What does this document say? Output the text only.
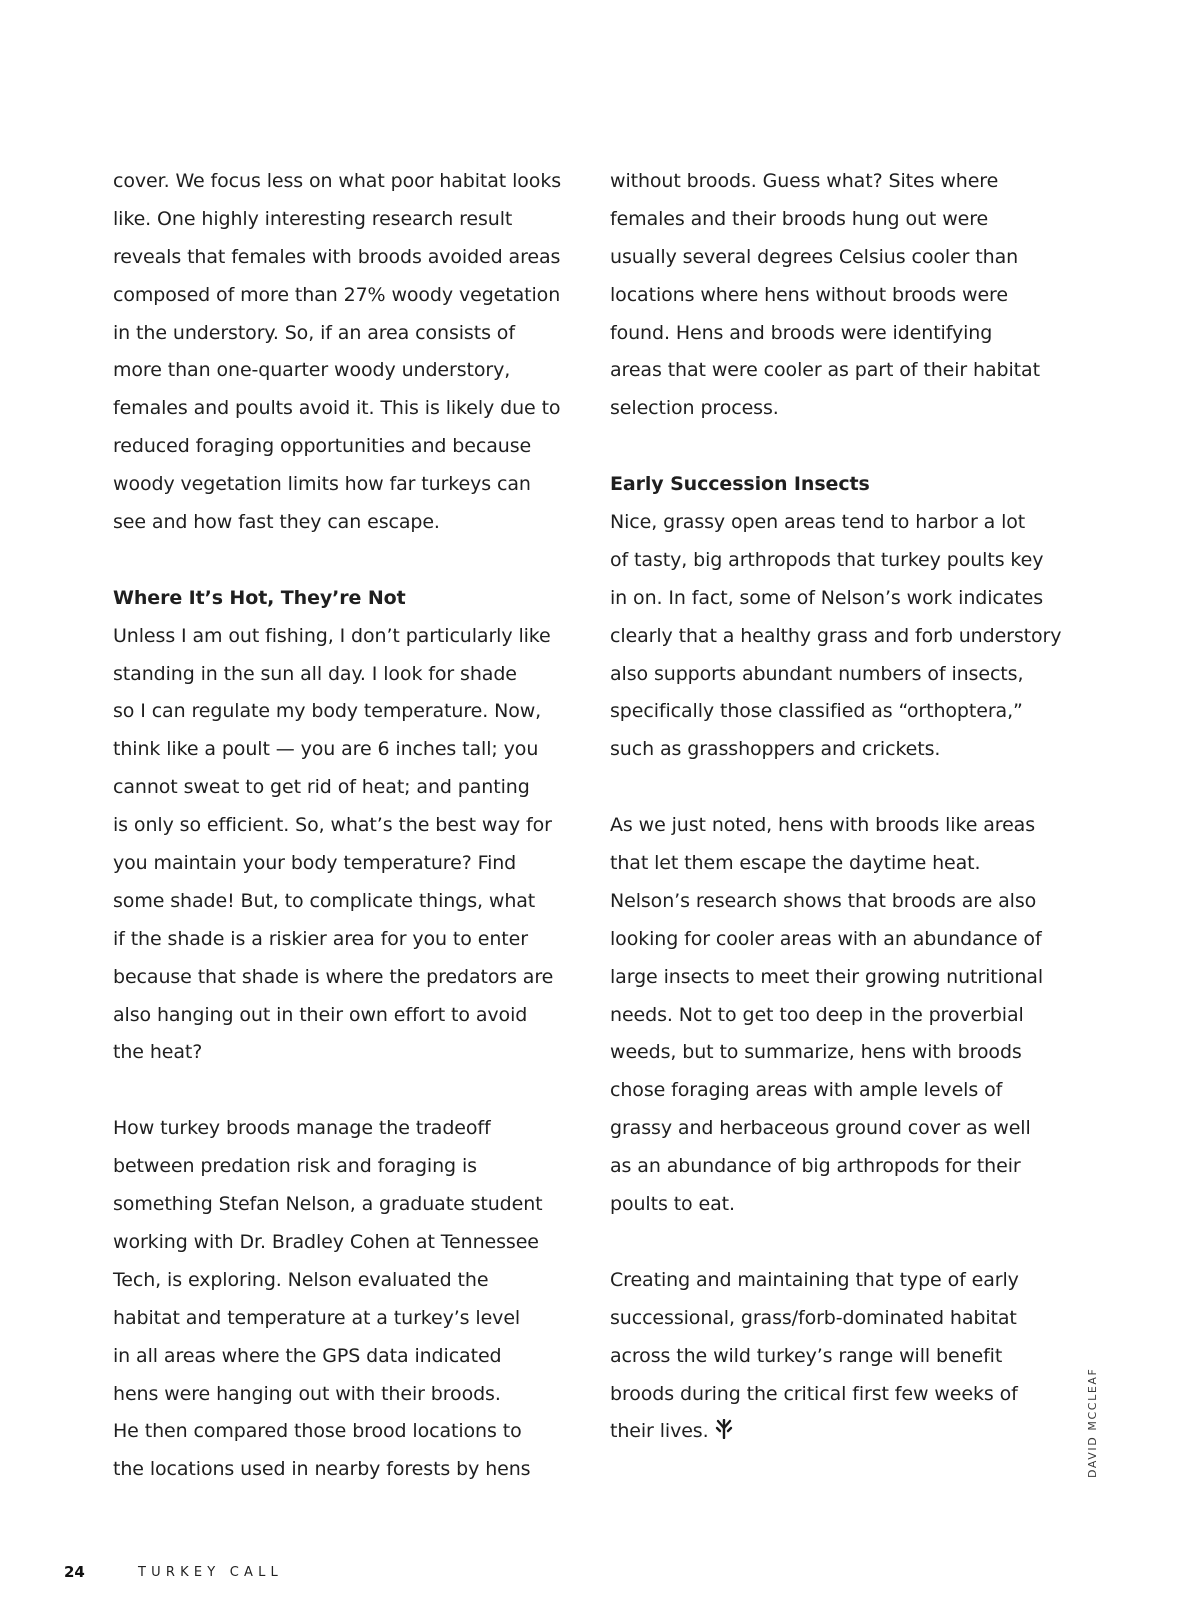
cover. We focus less on what poor habitat looks
like. One highly interesting research result
reveals that females with broods avoided areas
composed of more than 27% woody vegetation
in the understory. So, if an area consists of
more than one-quarter woody understory,
females and poults avoid it. This is likely due to
reduced foraging opportunities and because
woody vegetation limits how far turkeys can
see and how fast they can escape.
Where It’s Hot, They’re Not
Unless I am out fishing, I don’t particularly like
standing in the sun all day. I look for shade
so I can regulate my body temperature. Now,
think like a poult — you are 6 inches tall; you
cannot sweat to get rid of heat; and panting
is only so efficient. So, what’s the best way for
you maintain your body temperature? Find
some shade! But, to complicate things, what
if the shade is a riskier area for you to enter
because that shade is where the predators are
also hanging out in their own effort to avoid
the heat?
How turkey broods manage the tradeoff
between predation risk and foraging is
something Stefan Nelson, a graduate student
working with Dr. Bradley Cohen at Tennessee
Tech, is exploring. Nelson evaluated the
habitat and temperature at a turkey’s level
in all areas where the GPS data indicated
hens were hanging out with their broods.
He then compared those brood locations to
the locations used in nearby forests by hens
without broods. Guess what? Sites where
females and their broods hung out were
usually several degrees Celsius cooler than
locations where hens without broods were
found. Hens and broods were identifying
areas that were cooler as part of their habitat
selection process.
Early Succession Insects
Nice, grassy open areas tend to harbor a lot
of tasty, big arthropods that turkey poults key
in on. In fact, some of Nelson’s work indicates
clearly that a healthy grass and forb understory
also supports abundant numbers of insects,
specifically those classified as “orthoptera,”
such as grasshoppers and crickets.
As we just noted, hens with broods like areas
that let them escape the daytime heat.
Nelson’s research shows that broods are also
looking for cooler areas with an abundance of
large insects to meet their growing nutritional
needs. Not to get too deep in the proverbial
weeds, but to summarize, hens with broods
chose foraging areas with ample levels of
grassy and herbaceous ground cover as well
as an abundance of big arthropods for their
poults to eat.
Creating and maintaining that type of early
successional, grass/forb-dominated habitat
across the wild turkey’s range will benefit
broods during the critical first few weeks of
their lives.	DAVID MCCLEAF
24	TURKEY CALL
